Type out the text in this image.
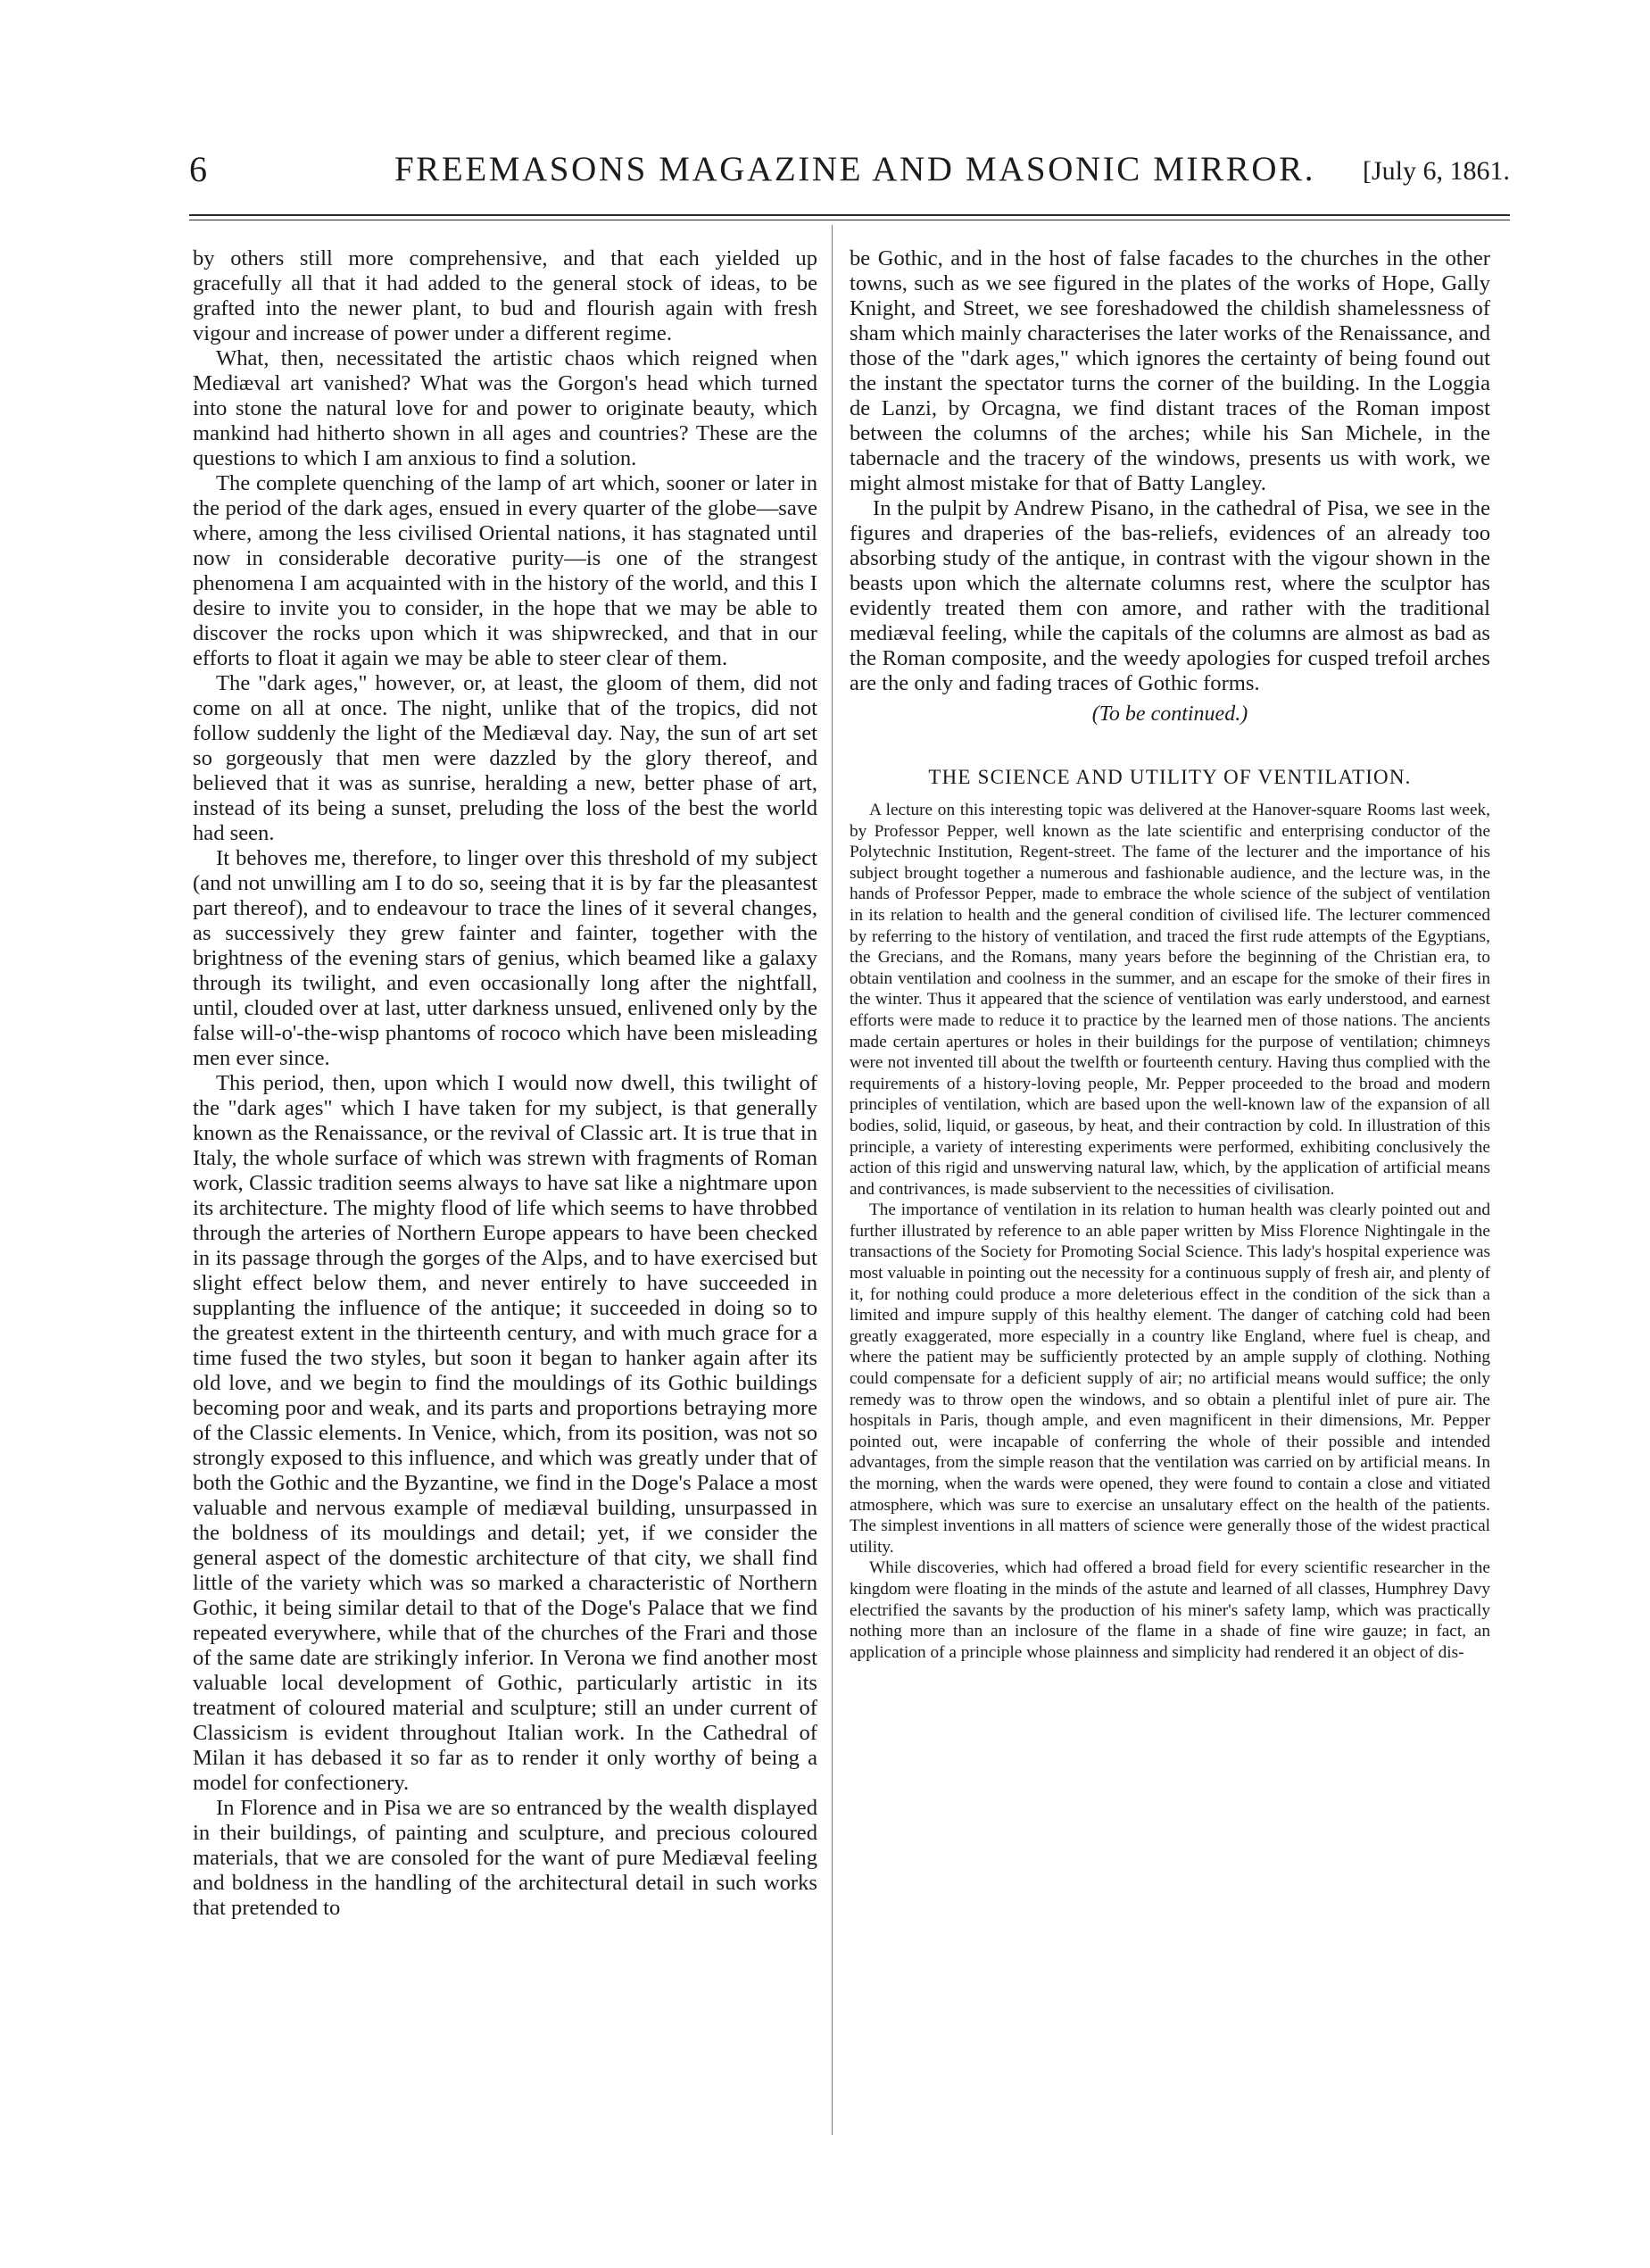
6	FREEMASONS MAGAZINE AND MASONIC MIRROR. [July 6, 1861.

by others still more comprehensive, and that each yielded up gracefully all that it had added to the general stock of ideas, to be grafted into the newer plant, to bud and flourish again with fresh vigour and increase of power under a different regime.

What, then, necessitated the artistic chaos which reigned when Mediæval art vanished? What was the Gorgon's head which turned into stone the natural love for and power to originate beauty, which mankind had hitherto shown in all ages and countries? These are the questions to which I am anxious to find a solution.

The complete quenching of the lamp of art which, sooner or later in the period of the dark ages, ensued in every quarter of the globe—save where, among the less civilised Oriental nations, it has stagnated until now in considerable decorative purity—is one of the strangest phenomena I am acquainted with in the history of the world, and this I desire to invite you to consider, in the hope that we may be able to discover the rocks upon which it was shipwrecked, and that in our efforts to float it again we may be able to steer clear of them.

The "dark ages," however, or, at least, the gloom of them, did not come on all at once. The night, unlike that of the tropics, did not follow suddenly the light of the Mediæval day. Nay, the sun of art set so gorgeously that men were dazzled by the glory thereof, and believed that it was as sunrise, heralding a new, better phase of art, instead of its being a sunset, preluding the loss of the best the world had seen.

It behoves me, therefore, to linger over this threshold of my subject (and not unwilling am I to do so, seeing that it is by far the pleasantest part thereof), and to endeavour to trace the lines of it several changes, as successively they grew fainter and fainter, together with the brightness of the evening stars of genius, which beamed like a galaxy through its twilight, and even occasionally long after the nightfall, until, clouded over at last, utter darkness unsued, enlivened only by the false will-o'-the-wisp phantoms of rococo which have been misleading men ever since.

This period, then, upon which I would now dwell, this twilight of the "dark ages" which I have taken for my subject, is that generally known as the Renaissance, or the revival of Classic art. It is true that in Italy, the whole surface of which was strewn with fragments of Roman work, Classic tradition seems always to have sat like a nightmare upon its architecture. The mighty flood of life which seems to have throbbed through the arteries of Northern Europe appears to have been checked in its passage through the gorges of the Alps, and to have exercised but slight effect below them, and never entirely to have succeeded in supplanting the influence of the antique; it succeeded in doing so to the greatest extent in the thirteenth century, and with much grace for a time fused the two styles, but soon it began to hanker again after its old love, and we begin to find the mouldings of its Gothic buildings becoming poor and weak, and its parts and proportions betraying more of the Classic elements. In Venice, which, from its position, was not so strongly exposed to this influence, and which was greatly under that of both the Gothic and the Byzantine, we find in the Doge's Palace a most valuable and nervous example of mediæval building, unsurpassed in the boldness of its mouldings and detail; yet, if we consider the general aspect of the domestic architecture of that city, we shall find little of the variety which was so marked a characteristic of Northern Gothic, it being similar detail to that of the Doge's Palace that we find repeated everywhere, while that of the churches of the Frari and those of the same date are strikingly inferior. In Verona we find another most valuable local development of Gothic, particularly artistic in its treatment of coloured material and sculpture; still an under current of Classicism is evident throughout Italian work. In the Cathedral of Milan it has debased it so far as to render it only worthy of being a model for confectionery.

In Florence and in Pisa we are so entranced by the wealth displayed in their buildings, of painting and sculpture, and precious coloured materials, that we are consoled for the want of pure Mediæval feeling and boldness in the handling of the architectural detail in such works that pretended to

be Gothic, and in the host of false facades to the churches in the other towns, such as we see figured in the plates of the works of Hope, Gally Knight, and Street, we see foreshadowed the childish shamelessness of sham which mainly characterises the later works of the Renaissance, and those of the "dark ages," which ignores the certainty of being found out the instant the spectator turns the corner of the building. In the Loggia de Lanzi, by Orcagna, we find distant traces of the Roman impost between the columns of the arches; while his San Michele, in the tabernacle and the tracery of the windows, presents us with work, we might almost mistake for that of Batty Langley.

In the pulpit by Andrew Pisano, in the cathedral of Pisa, we see in the figures and draperies of the bas-reliefs, evidences of an already too absorbing study of the antique, in contrast with the vigour shown in the beasts upon which the alternate columns rest, where the sculptor has evidently treated them con amore, and rather with the traditional mediæval feeling, while the capitals of the columns are almost as bad as the Roman composite, and the weedy apologies for cusped trefoil arches are the only and fading traces of Gothic forms.

(To be continued.)
THE SCIENCE AND UTILITY OF VENTILATION.

A lecture on this interesting topic was delivered at the Hanover-square Rooms last week, by Professor Pepper, well known as the late scientific and enterprising conductor of the Polytechnic Institution, Regent-street. The fame of the lecturer and the importance of his subject brought together a numerous and fashionable audience, and the lecture was, in the hands of Professor Pepper, made to embrace the whole science of the subject of ventilation in its relation to health and the general condition of civilised life. The lecturer commenced by referring to the history of ventilation, and traced the first rude attempts of the Egyptians, the Grecians, and the Romans, many years before the beginning of the Christian era, to obtain ventilation and coolness in the summer, and an escape for the smoke of their fires in the winter. Thus it appeared that the science of ventilation was early understood, and earnest efforts were made to reduce it to practice by the learned men of those nations. The ancients made certain apertures or holes in their buildings for the purpose of ventilation; chimneys were not invented till about the twelfth or fourteenth century. Having thus complied with the requirements of a history-loving people, Mr. Pepper proceeded to the broad and modern principles of ventilation, which are based upon the well-known law of the expansion of all bodies, solid, liquid, or gaseous, by heat, and their contraction by cold. In illustration of this principle, a variety of interesting experiments were performed, exhibiting conclusively the action of this rigid and unswerving natural law, which, by the application of artificial means and contrivances, is made subservient to the necessities of civilisation.

The importance of ventilation in its relation to human health was clearly pointed out and further illustrated by reference to an able paper written by Miss Florence Nightingale in the transactions of the Society for Promoting Social Science. This lady's hospital experience was most valuable in pointing out the necessity for a continuous supply of fresh air, and plenty of it, for nothing could produce a more deleterious effect in the condition of the sick than a limited and impure supply of this healthy element. The danger of catching cold had been greatly exaggerated, more especially in a country like England, where fuel is cheap, and where the patient may be sufficiently protected by an ample supply of clothing. Nothing could compensate for a deficient supply of air; no artificial means would suffice; the only remedy was to throw open the windows, and so obtain a plentiful inlet of pure air. The hospitals in Paris, though ample, and even magnificent in their dimensions, Mr. Pepper pointed out, were incapable of conferring the whole of their possible and intended advantages, from the simple reason that the ventilation was carried on by artificial means. In the morning, when the wards were opened, they were found to contain a close and vitiated atmosphere, which was sure to exercise an unsalutary effect on the health of the patients. The simplest inventions in all matters of science were generally those of the widest practical utility.

While discoveries, which had offered a broad field for every scientific researcher in the kingdom were floating in the minds of the astute and learned of all classes, Humphrey Davy electrified the savants by the production of his miner's safety lamp, which was practically nothing more than an inclosure of the flame in a shade of fine wire gauze; in fact, an application of a principle whose plainness and simplicity had rendered it an object of dis-
